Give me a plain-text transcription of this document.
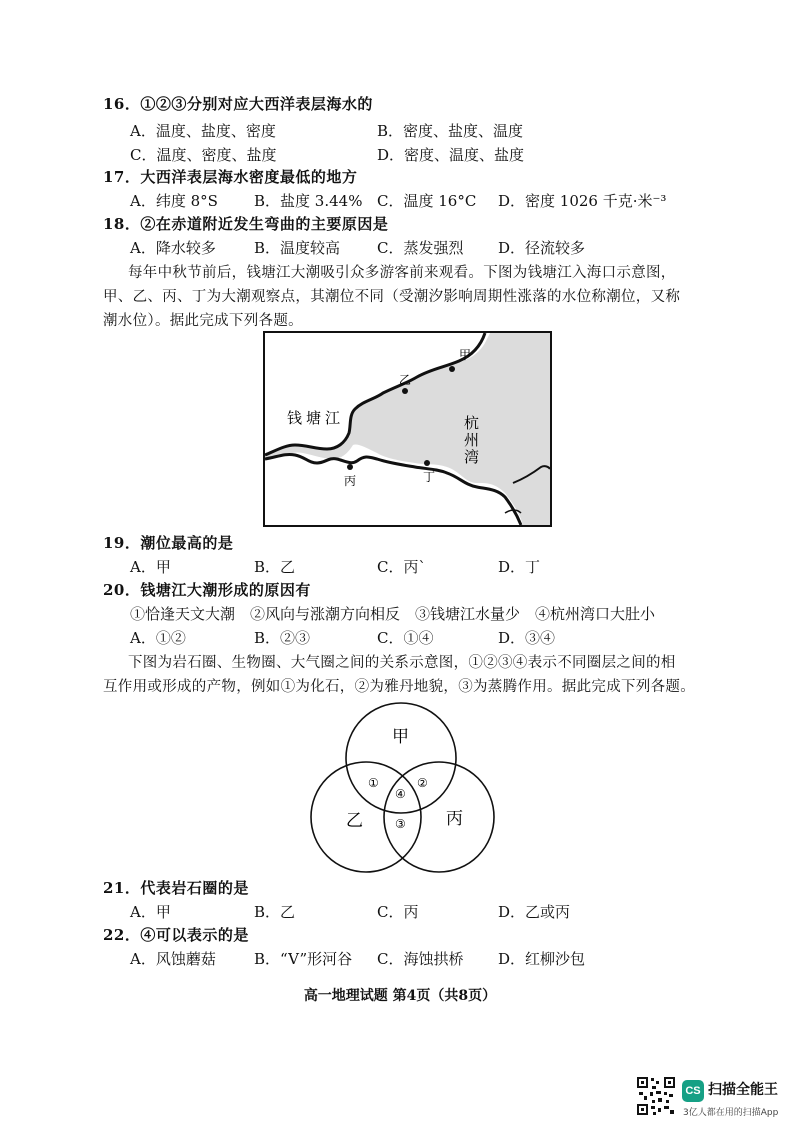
16．①②③分别对应大西洋表层海水的
A．温度、盐度、密度	B．密度、盐度、温度
C．温度、密度、盐度	D．密度、温度、盐度
17．大西洋表层海水密度最低的地方
A．纬度 8°S B．盐度 3.44% C．温度 16°C D．密度 1026 千克·米⁻³
18．②在赤道附近发生弯曲的主要原因是
A．降水较多	B．温度较高 C．蒸发强烈 D．径流较多
每年中秋节前后，钱塘江大潮吸引众多游客前来观看。下图为钱塘江入海口示意图，
甲、乙、丙、丁为大潮观察点，其潮位不同（受潮汐影响周期性涨落的水位称潮位，又称
潮水位）。据此完成下列各题。
甲
乙
丙	丁
钱塘江	杭州湾
19．潮位最高的是
A．甲	B．乙	C．丙`	D．丁
20．钱塘江大潮形成的原因有
①恰逢天文大潮　②风向与涨潮方向相反　③钱塘江水量少　④杭州湾口大肚小
A．①②	B．②③	C．①④	D．③④
下图为岩石圈、生物圈、大气圈之间的关系示意图，①②③④表示不同圈层之间的相
互作用或形成的产物，例如①为化石，②为雅丹地貌，③为蒸腾作用。据此完成下列各题。
甲
乙	丙
①	②
③
④
21．代表岩石圈的是
A．甲	B．乙	C．丙	D．乙或丙
22．④可以表示的是
A．风蚀蘑菇	B．“V”形河谷 C．海蚀拱桥 D．红柳沙包
高一地理试题 第4页（共8页）
CS 扫描全能王
3亿人都在用的扫描App
